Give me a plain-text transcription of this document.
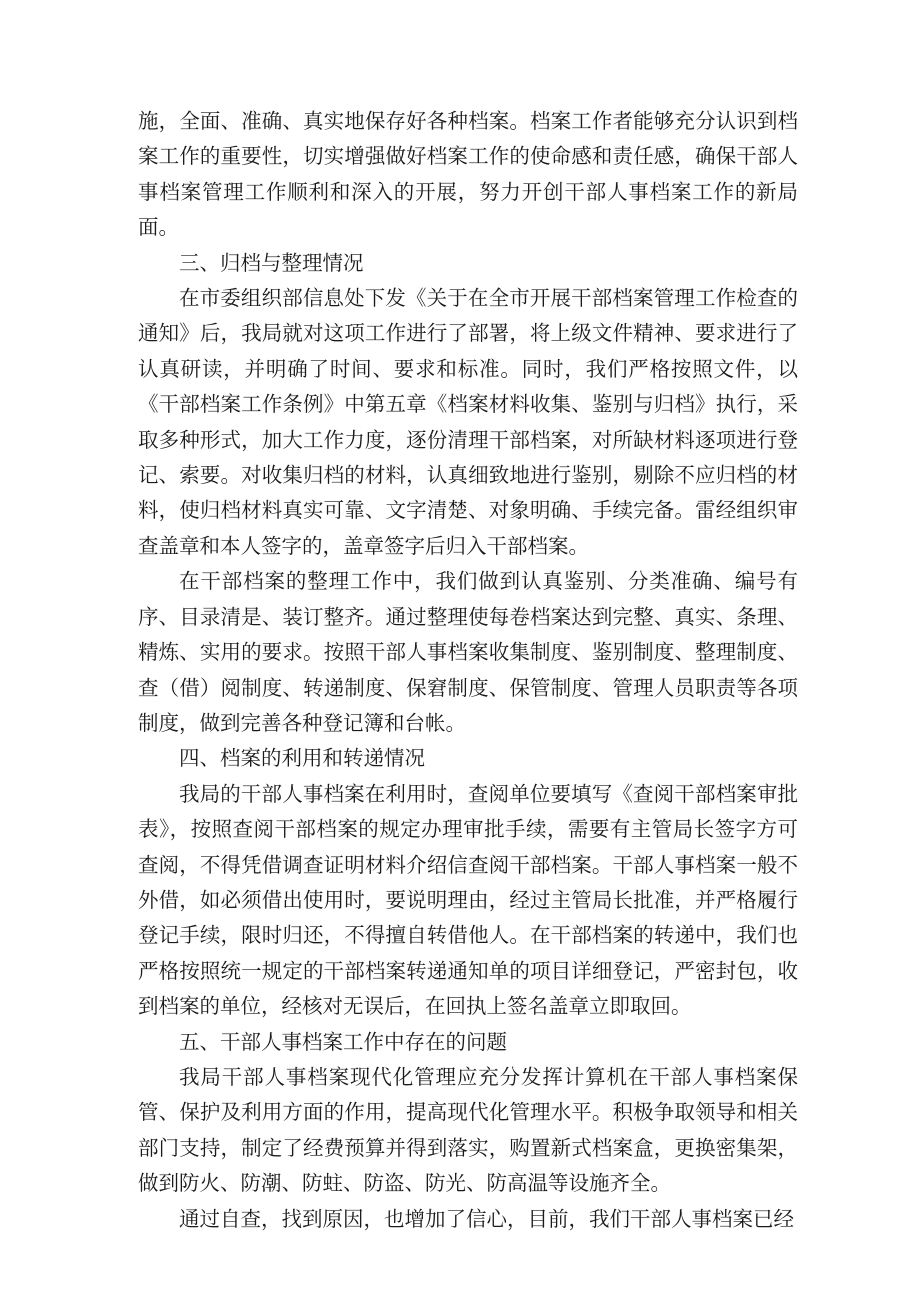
施，全面、准确、真实地保存好各种档案。档案工作者能够充分认识到档案工作的重要性，切实增强做好档案工作的使命感和责任感，确保干部人事档案管理工作顺利和深入的开展，努力开创干部人事档案工作的新局面。

三、归档与整理情况

在市委组织部信息处下发《关于在全市开展干部档案管理工作检查的通知》后，我局就对这项工作进行了部署，将上级文件精神、要求进行了认真研读，并明确了时间、要求和标准。同时，我们严格按照文件，以《干部档案工作条例》中第五章《档案材料收集、鉴别与归档》执行，采取多种形式，加大工作力度，逐份清理干部档案，对所缺材料逐项进行登记、索要。对收集归档的材料，认真细致地进行鉴别，剔除不应归档的材料，使归档材料真实可靠、文字清楚、对象明确、手续完备。雷经组织审查盖章和本人签字的，盖章签字后归入干部档案。

在干部档案的整理工作中，我们做到认真鉴别、分类准确、编号有序、目录清是、装订整齐。通过整理使每卷档案达到完整、真实、条理、精炼、实用的要求。按照干部人事档案收集制度、鉴别制度、整理制度、查（借）阅制度、转递制度、保窘制度、保管制度、管理人员职责等各项制度，做到完善各种登记簿和台帐。

四、档案的利用和转递情况

我局的干部人事档案在利用时，查阅单位要填写《查阅干部档案审批表》，按照查阅干部档案的规定办理审批手续，需要有主管局长签字方可查阅，不得凭借调查证明材料介绍信查阅干部档案。干部人事档案一般不外借，如必须借出使用时，要说明理由，经过主管局长批准，并严格履行登记手续，限时归还，不得擅自转借他人。在干部档案的转递中，我们也严格按照统一规定的干部档案转递通知单的项目详细登记，严密封包，收到档案的单位，经核对无误后，在回执上签名盖章立即取回。

五、干部人事档案工作中存在的问题

我局干部人事档案现代化管理应充分发挥计算机在干部人事档案保管、保护及利用方面的作用，提高现代化管理水平。积极争取领导和相关部门支持，制定了经费预算并得到落实，购置新式档案盒，更换密集架，做到防火、防潮、防蛀、防盗、防光、防高温等设施齐全。

通过自查，找到原因，也增加了信心，目前，我们干部人事档案已经
